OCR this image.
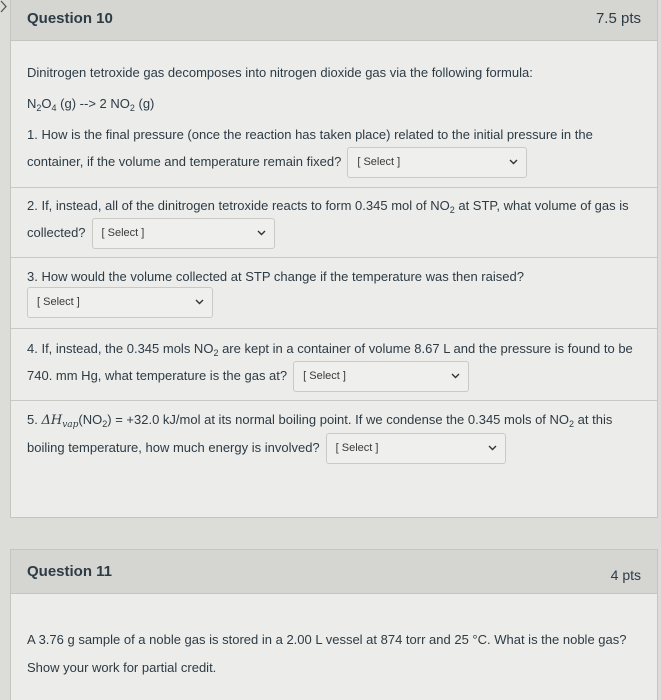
Question 10	7.5 pts
Dinitrogen tetroxide gas decomposes into nitrogen dioxide gas via the following formula:
$N_2O_4$ (g) --> 2 $NO_2$ (g)
1. How is the final pressure (once the reaction has taken place) related to the initial pressure in the
container, if the volume and temperature remain fixed? [ Select ]
2. If, instead, all of the dinitrogen tetroxide reacts to form 0.345 mol of $NO_2$ at STP, what volume of gas is
collected? [ Select ]
3. How would the volume collected at STP change if the temperature was then raised?
[ Select ]
4. If, instead, the 0.345 mols $NO_2$ are kept in a container of volume 8.67 L and the pressure is found to be
740. mm Hg, what temperature is the gas at? [ Select ]
5. $\Delta H_{vap}(NO_2) = +32.0$ kJ/mol at its normal boiling point. If we condense the 0.345 mols of $NO_2$ at this
boiling temperature, how much energy is involved? [ Select ]
Question 11	4 pts
A 3.76 g sample of a noble gas is stored in a 2.00 L vessel at 874 torr and 25 °C. What is the noble gas?
Show your work for partial credit.
